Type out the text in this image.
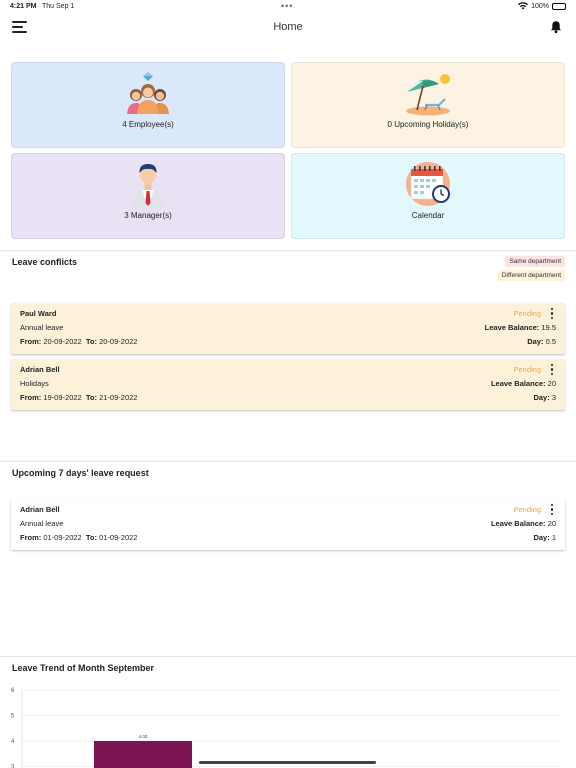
4:21 PM Thu Sep 1	•••	100%
Home
4 Employee(s)	0 Upcoming Holiday(s)
3 Manager(s)	Calendar
Leave conflicts	Same department
Different department
Paul Ward
Annual leave
From: 20-09-2022 To: 20-09-2022
Pending
Leave Balance: 19.5
Day: 0.5
Adrian Bell
Holidays
From: 19-09-2022 To: 21-09-2022
Pending
Leave Balance: 20
Day: 3
Upcoming 7 days' leave request
Adrian Bell
Annual leave
From: 01-09-2022 To: 01-09-2022
Pending
Leave Balance: 20
Day: 1
Leave Trend of Month September
6
5
4
3
4.00
